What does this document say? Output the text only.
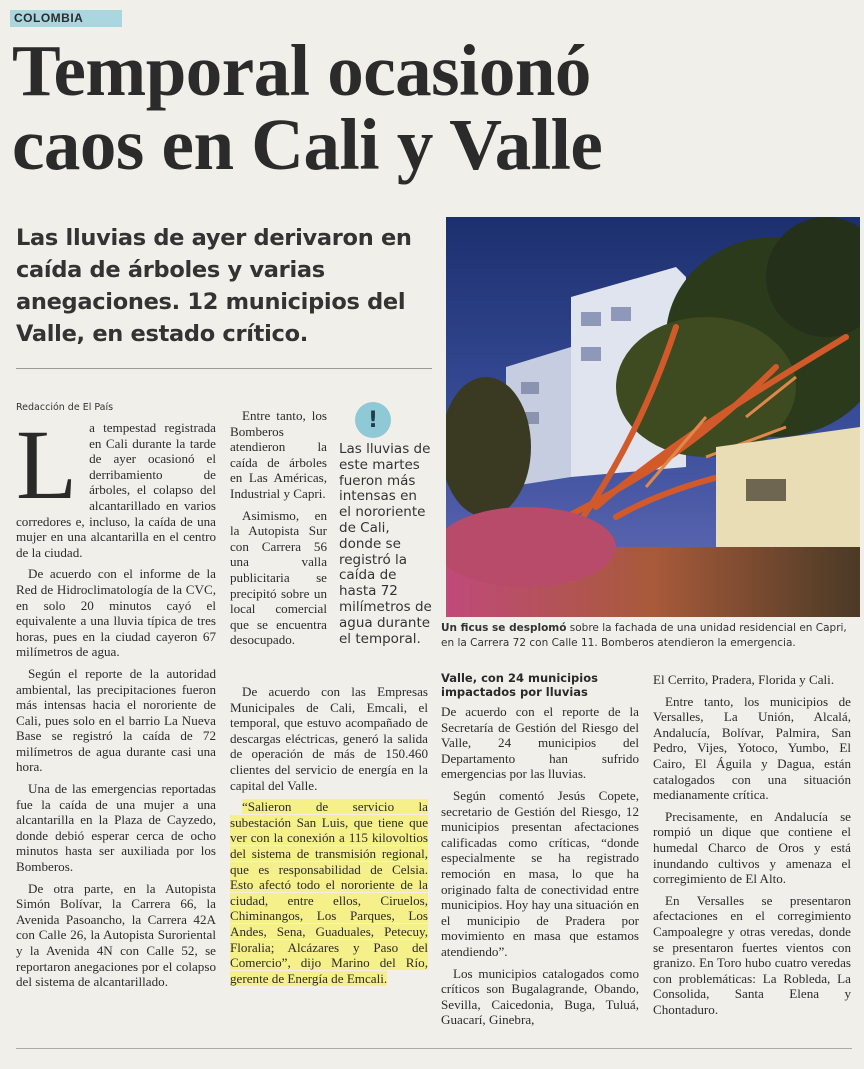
COLOMBIA
Temporal ocasionó
caos en Cali y Valle

Las lluvias de ayer derivaron en caída de árboles y varias anegaciones. 12 municipios del Valle, en estado crítico.

Redacción de El País

La tempestad registrada en Cali durante la tarde de ayer ocasionó el derribamiento de árboles, el colapso del alcantarillado en varios corredores e, incluso, la caída de una mujer en una alcantarilla en el centro de la ciudad.

De acuerdo con el informe de la Red de Hidroclimatología de la CVC, en solo 20 minutos cayó el equivalente a una lluvia típica de tres horas, pues en la ciudad cayeron 67 milímetros de agua.

Según el reporte de la autoridad ambiental, las precipitaciones fueron más intensas hacia el nororiente de Cali, pues solo en el barrio La Nueva Base se registró la caída de 72 milímetros de agua durante casi una hora.

Una de las emergencias reportadas fue la caída de una mujer a una alcantarilla en la Plaza de Cayzedo, donde debió esperar cerca de ocho minutos hasta ser auxiliada por los Bomberos.

De otra parte, en la Autopista Simón Bolívar, la Carrera 66, la Avenida Pasoancho, la Carrera 42A con Calle 26, la Autopista Suroriental y la Avenida 4N con Calle 52, se reportaron anegaciones por el colapso del sistema de alcantarillado.

Entre tanto, los Bomberos atendieron la caída de árboles en Las Américas, Industrial y Capri.

Asimismo, en la Autopista Sur con Carrera 56 una valla publicitaria se precipitó sobre un local comercial que se encuentra desocupado.

!
Las lluvias de este martes fueron más intensas en el nororiente de Cali, donde se registró la caída de hasta 72 milímetros de agua durante el temporal.

De acuerdo con las Empresas Municipales de Cali, Emcali, el temporal, que estuvo acompañado de descargas eléctricas, generó la salida de operación de más de 150.460 clientes del servicio de energía en la capital del Valle.

“Salieron de servicio la subestación San Luis, que tiene que ver con la conexión a 115 kilovoltios del sistema de transmisión regional, que es responsabilidad de Celsia. Esto afectó todo el nororiente de la ciudad, entre ellos, Ciruelos, Chiminangos, Los Parques, Los Andes, Sena, Guaduales, Petecuy, Floralia; Alcázares y Paso del Comercio”, dijo Marino del Río, gerente de Energía de Emcali.

Un ficus se desplomó sobre la fachada de una unidad residencial en Capri, en la Carrera 72 con Calle 11. Bomberos atendieron la emergencia.
Valle, con 24 municipios impactados por lluvias

De acuerdo con el reporte de la Secretaría de Gestión del Riesgo del Valle, 24 municipios del Departamento han sufrido emergencias por las lluvias.

Según comentó Jesús Copete, secretario de Gestión del Riesgo, 12 municipios presentan afectaciones calificadas como críticas, “donde especialmente se ha registrado remoción en masa, lo que ha originado falta de conectividad entre municipios. Hoy hay una situación en el municipio de Pradera por movimiento en masa que estamos atendiendo”.

Los municipios catalogados como críticos son Bugalagrande, Obando, Sevilla, Caicedonia, Buga, Tuluá, Guacarí, Ginebra,

El Cerrito, Pradera, Florida y Cali.

Entre tanto, los municipios de Versalles, La Unión, Alcalá, Andalucía, Bolívar, Palmira, San Pedro, Vijes, Yotoco, Yumbo, El Cairo, El Águila y Dagua, están catalogados con una situación medianamente crítica.

Precisamente, en Andalucía se rompió un dique que contiene el humedal Charco de Oros y está inundando cultivos y amenaza el corregimiento de El Alto.

En Versalles se presentaron afectaciones en el corregimiento Campoalegre y otras veredas, donde se presentaron fuertes vientos con granizo. En Toro hubo cuatro veredas con problemáticas: La Robleda, La Consolida, Santa Elena y Chontaduro.
